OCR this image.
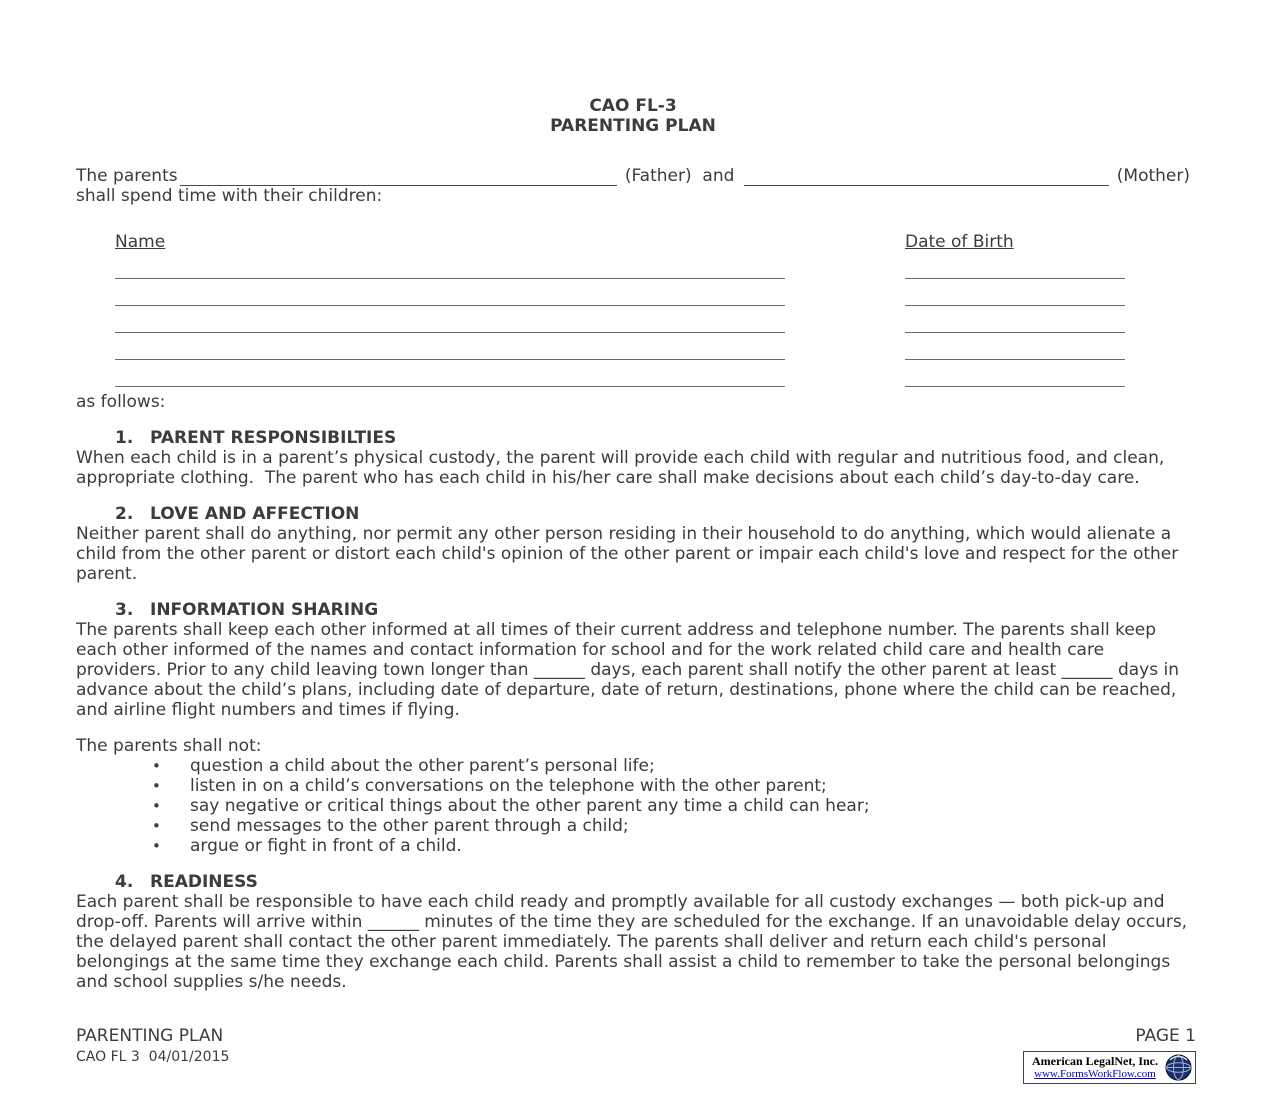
CAO FL-3
PARENTING PLAN
The parents	(Father)  and	(Mother)
shall spend time with their children:
Name	Date of Birth
as follows:
1. PARENT RESPONSIBILTIES

When each child is in a parent’s physical custody, the parent will provide each child with regular and nutritious food, and clean, appropriate clothing.  The parent who has each child in his/her care shall make decisions about each child’s day-to-day care.

2. LOVE AND AFFECTION

Neither parent shall do anything, nor permit any other person residing in their household to do anything, which would alienate a child from the other parent or distort each child's opinion of the other parent or impair each child's love and respect for the other parent.

3. INFORMATION SHARING

The parents shall keep each other informed at all times of their current address and telephone number. The parents shall keep each other informed of the names and contact information for school and for the work related child care and health care providers. Prior to any child leaving town longer than ______ days, each parent shall notify the other parent at least ______ days in advance about the child’s plans, including date of departure, date of return, destinations, phone where the child can be reached, and airline flight numbers and times if flying.

The parents shall not:
•
question a child about the other parent’s personal life;
•
listen in on a child’s conversations on the telephone with the other parent;
•
say negative or critical things about the other parent any time a child can hear;
•
send messages to the other parent through a child;
•
argue or fight in front of a child.
4. READINESS

Each parent shall be responsible to have each child ready and promptly available for all custody exchanges — both pick-up and drop-off. Parents will arrive within ______ minutes of the time they are scheduled for the exchange. If an unavoidable delay occurs, the delayed parent shall contact the other parent immediately. The parents shall deliver and return each child's personal belongings at the same time they exchange each child. Parents shall assist a child to remember to take the personal belongings and school supplies s/he needs.

PARENTING PLAN
CAO FL 3  04/01/2015
PAGE 1
American LegalNet, Inc.
www.FormsWorkFlow.com
